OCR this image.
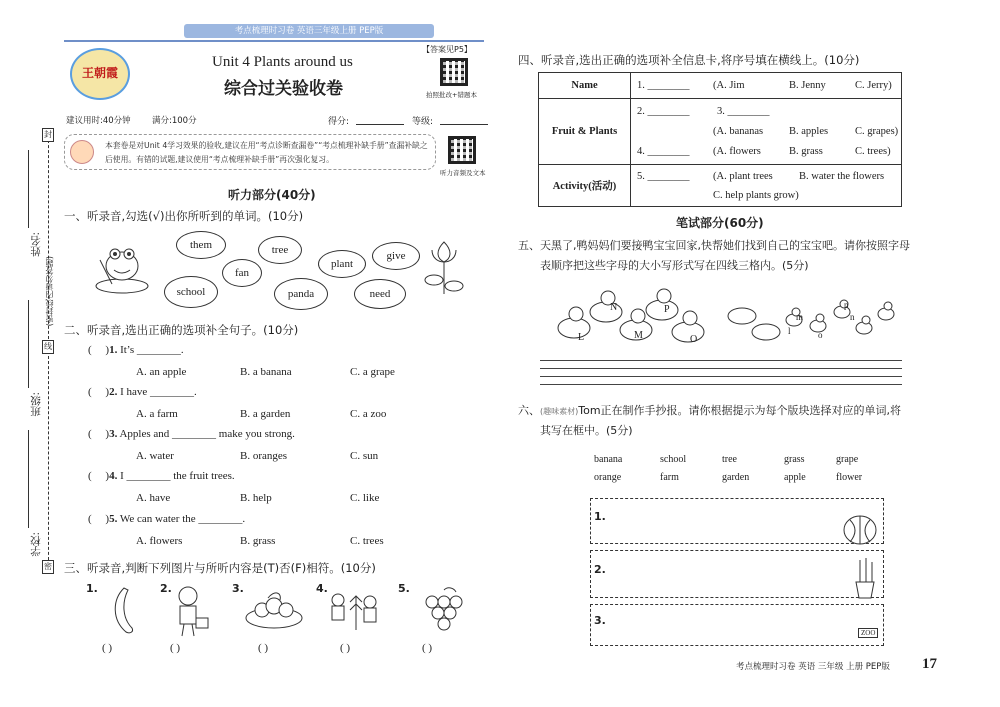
考点梳理时习卷 英语三年级上册 PEP版
姓名:
(密封线内请勿答题)
班级:
学校:
封
线
密
王朝霞
Unit 4 Plants around us
综合过关验收卷
【答案见P5】
拍照批改+错题本
建议用时:40分钟	满分:100分	得分:	等级:
本套卷是对Unit 4学习效果的验收,建议在用“考点诊断查漏卷”“考点梳理补缺手册”查漏补缺之后使用。有错的试题,建议使用“考点梳理补缺手册”再次强化复习。
听力音频及文本
听力部分(40分)
一、听录音,勾选(√)出你所听到的单词。(10分)
them	tree	give
fan
plant
school	panda	need
二、听录音,选出正确的选项补全句子。(10分)
(     )1. It’s ________.
A. an apple	B. a banana	C. a grape
(     )2. I have ________.
A. a farm	B. a garden	C. a zoo
(     )3. Apples and ________ make you strong.
A. water	B. oranges	C. sun
(     )4. I ________ the fruit trees.
A. have	B. help	C. like
(     )5. We can water the ________.
A. flowers	B. grass	C. trees
三、听录音,判断下列图片与所听内容是(T)否(F)相符。(10分)
1.
( )
2.
( )
3.
( )
4.
( )
5.
( )
四、听录音,选出正确的选项补全信息卡,将序号填在横线上。(10分)
Name	1. ________ (A. Jim B. Jenny C. Jerry)
Fruit & Plants	2. ________ 3. ________
(A. bananas B. apples C. grapes)
4. ________ (A. flowers B. grass C. trees)

Activity(活动)	5. ________ (A. plant trees B. water the flowers
C. help plants grow)
笔试部分(60分)
五、天黑了,鸭妈妈们要接鸭宝宝回家,快帮她们找到自己的宝宝吧。请你按照字母
表顺序把这些字母的大小写形式写在四线三格内。(5分)
N	P
L	M	O
m
p
l
n
o
六、(趣味素材)Tom正在制作手抄报。请你根据提示为每个版块选择对应的单词,将
其写在框中。(5分)
banana	school	tree	grass	grape
orange	farm	garden	apple	flower
1.
2.
3.
ZOO
考点梳理时习卷 英语 三年级 上册 PEP版 17
